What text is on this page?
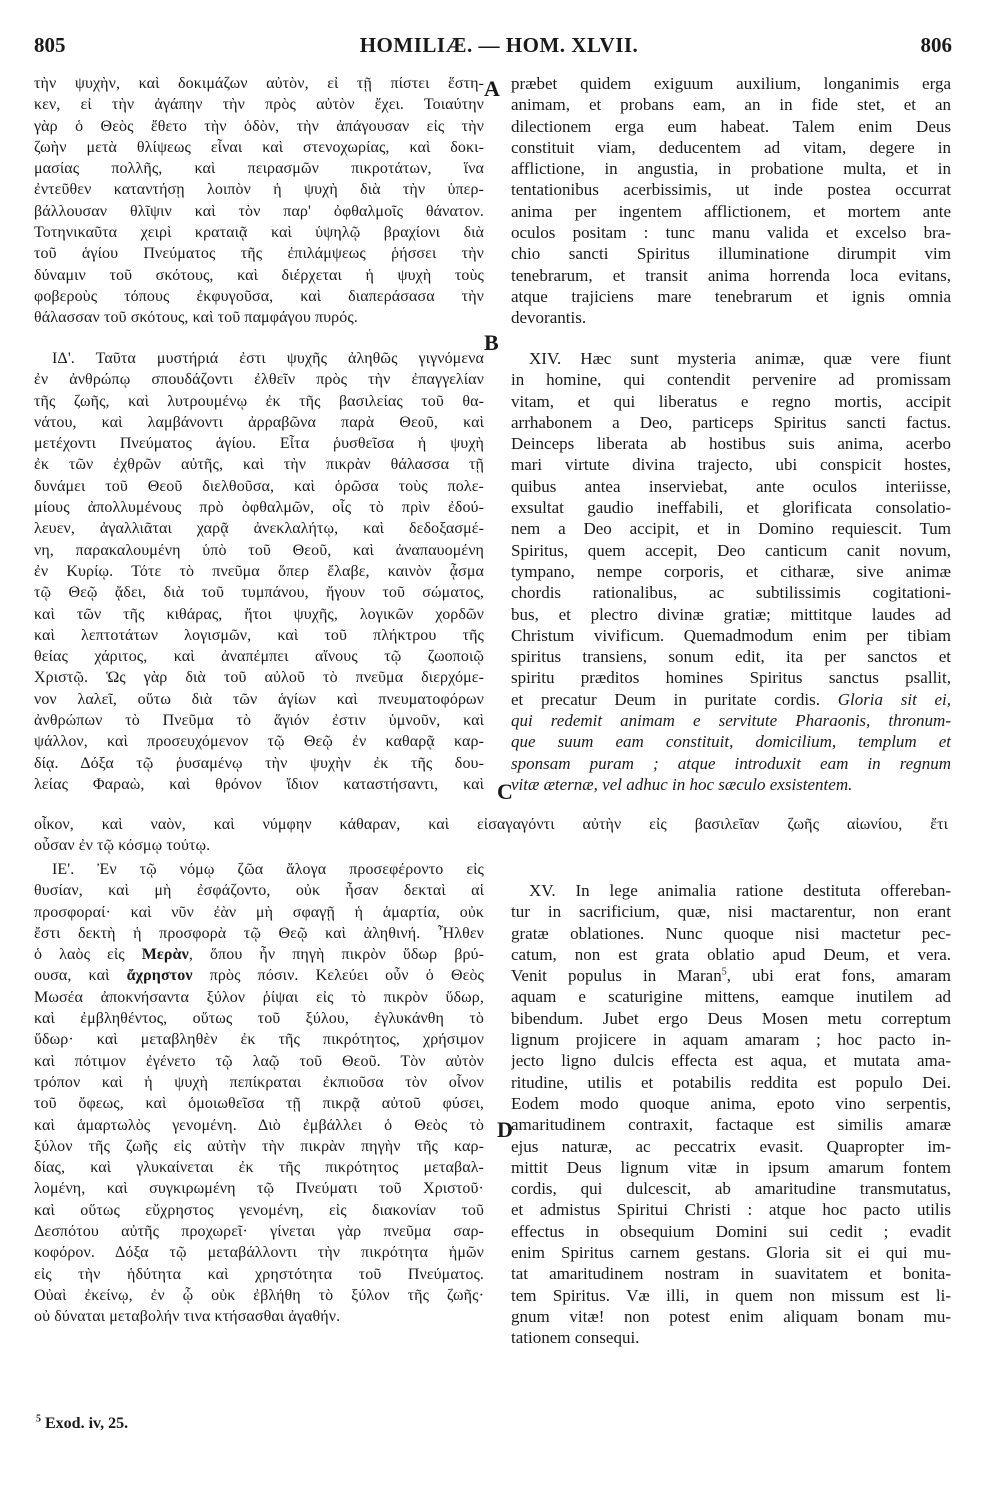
805	HOMILIÆ. — HOM. XLVII.	806
A
B
C
D
τὴν ψυχὴν, καὶ δοκιμάζων αὐτὸν, εἰ τῇ πίστει ἕστη-
κεν, εἰ τὴν ἀγάπην τὴν πρὸς αὐτὸν ἔχει. Τοιαύτην
γὰρ ὁ Θεὸς ἔθετο τὴν ὁδὸν, τὴν ἀπάγουσαν εἰς τὴν
ζωὴν μετὰ θλίψεως εἶναι καὶ στενοχωρίας, καὶ δοκι-
μασίας πολλῆς, καὶ πειρασμῶν πικροτάτων, ἵνα
ἐντεῦθεν καταντήσῃ λοιπὸν ἡ ψυχὴ διὰ τὴν ὑπερ-
βάλλουσαν θλῖψιν καὶ τὸν παρ' ὀφθαλμοῖς θάνατον.
Τοτηνικαῦτα χειρὶ κραταιᾷ καὶ ὑψηλῷ βραχίονι διὰ
τοῦ ἁγίου Πνεύματος τῆς ἐπιλάμψεως ῥήσσει τὴν
δύναμιν τοῦ σκότους, καὶ διέρχεται ἡ ψυχὴ τοὺς
φοβεροὺς τόπους ἐκφυγοῦσα, καὶ διαπεράσασα τὴν
θάλασσαν τοῦ σκότους, καὶ τοῦ παμφάγου πυρός.
ΙΔ'. Ταῦτα μυστήριά ἐστι ψυχῆς ἀληθῶς γιγνόμενα
ἐν ἀνθρώπῳ σπουδάζοντι ἐλθεῖν πρὸς τὴν ἐπαγγελίαν
τῆς ζωῆς, καὶ λυτρουμένῳ ἐκ τῆς βασιλείας τοῦ θα-
νάτου, καὶ λαμβάνοντι ἀρραβῶνα παρὰ Θεοῦ, καὶ
μετέχοντι Πνεύματος ἁγίου. Εἶτα ῥυσθεῖσα ἡ ψυχὴ
ἐκ τῶν ἐχθρῶν αὐτῆς, καὶ τὴν πικρὰν θάλασσα τῇ
δυνάμει τοῦ Θεοῦ διελθοῦσα, καὶ ὁρῶσα τοὺς πολε-
μίους ἀπολλυμένους πρὸ ὀφθαλμῶν, οἷς τὸ πρὶν ἐδού-
λευεν, ἀγαλλιᾶται χαρᾷ ἀνεκλαλήτῳ, καὶ δεδοξασμέ-
νη, παρακαλουμένη ὑπὸ τοῦ Θεοῦ, καὶ ἀναπαυομένη
ἐν Κυρίῳ. Τότε τὸ πνεῦμα ὅπερ ἔλαβε, καινὸν ᾆσμα
τῷ Θεῷ ᾄδει, διὰ τοῦ τυμπάνου, ἤγουν τοῦ σώματος,
καὶ τῶν τῆς κιθάρας, ἤτοι ψυχῆς, λογικῶν χορδῶν
καὶ λεπτοτάτων λογισμῶν, καὶ τοῦ πλήκτρου τῆς
θείας χάριτος, καὶ ἀναπέμπει αἴνους τῷ ζωοποιῷ
Χριστῷ. Ὡς γὰρ διὰ τοῦ αὐλοῦ τὸ πνεῦμα διερχόμε-
νον λαλεῖ, οὕτω διὰ τῶν ἁγίων καὶ πνευματοφόρων
ἀνθρώπων τὸ Πνεῦμα τὸ ἅγιόν ἐστιν ὑμνοῦν, καὶ
ψάλλον, καὶ προσευχόμενον τῷ Θεῷ ἐν καθαρᾷ καρ-
δίᾳ. Δόξα τῷ ῥυσαμένῳ τὴν ψυχὴν ἐκ τῆς δου-
λείας Φαραὼ, καὶ θρόνον ἴδιον καταστήσαντι, καὶ
οἶκον, καὶ ναὸν, καὶ νύμφην κάθαραν, καὶ εἰσαγαγόντι αὐτὴν εἰς βασιλεῖαν ζωῆς αἰωνίου, ἔτι
οὖσαν ἐν τῷ κόσμῳ τούτῳ.
ΙΕ'. Ἐν τῷ νόμῳ ζῶα ἄλογα προσεφέροντο εἰς
θυσίαν, καὶ μὴ ἐσφάζοντο, οὐκ ἦσαν δεκταὶ αἱ
προσφοραί· καὶ νῦν ἐὰν μὴ σφαγῇ ἡ ἁμαρτία, οὐκ
ἔστι δεκτὴ ἡ προσφορὰ τῷ Θεῷ καὶ ἀληθινή. Ἦλθεν
ὁ λαὸς εἰς Μερὰν, ὅπου ἦν πηγὴ πικρὸν ὕδωρ βρύ-
ουσα, καὶ ἄχρηστον πρὸς πόσιν. Κελεύει οὖν ὁ Θεὸς
Μωσέα ἀποκνήσαντα ξύλον ῥίψαι εἰς τὸ πικρὸν ὕδωρ,
καὶ ἐμβληθέντος, οὕτως τοῦ ξύλου, ἐγλυκάνθη τὸ
ὕδωρ· καὶ μεταβληθὲν ἐκ τῆς πικρότητος, χρήσιμον
καὶ πότιμον ἐγένετο τῷ λαῷ τοῦ Θεοῦ. Τὸν αὐτὸν
τρόπον καὶ ἡ ψυχὴ πεπίκραται ἐκπιοῦσα τὸν οἶνον
τοῦ ὄφεως, καὶ ὁμοιωθεῖσα τῇ πικρᾷ αὐτοῦ φύσει,
καὶ ἁμαρτωλὸς γενομένη. Διὸ ἐμβάλλει ὁ Θεὸς τὸ
ξύλον τῆς ζωῆς εἰς αὐτὴν τὴν πικρὰν πηγὴν τῆς καρ-
δίας, καὶ γλυκαίνεται ἐκ τῆς πικρότητος μεταβαλ-
λομένη, καὶ συγκιρωμένη τῷ Πνεύματι τοῦ Χριστοῦ·
καὶ οὕτως εὔχρηστος γενομένη, εἰς διακονίαν τοῦ
Δεσπότου αὐτῆς προχωρεῖ· γίνεται γὰρ πνεῦμα σαρ-
κοφόρον. Δόξα τῷ μεταβάλλοντι τὴν πικρότητα ἡμῶν
εἰς τὴν ἡδύτητα καὶ χρηστότητα τοῦ Πνεύματος.
Οὐαὶ ἐκείνῳ, ἐν ᾧ οὐκ ἐβλήθη τὸ ξύλον τῆς ζωῆς·
οὐ δύναται μεταβολήν τινα κτήσασθαι ἀγαθήν.
præbet quidem exiguum auxilium, longanimis erga
animam, et probans eam, an in fide stet, et an
dilectionem erga eum habeat. Talem enim Deus
constituit viam, deducentem ad vitam, degere in
afflictione, in angustia, in probatione multa, et in
tentationibus acerbissimis, ut inde postea occurrat
anima per ingentem afflictionem, et mortem ante
oculos positam : tunc manu valida et excelso bra-
chio sancti Spiritus illuminatione dirumpit vim
tenebrarum, et transit anima horrenda loca evitans,
atque trajiciens mare tenebrarum et ignis omnia
devorantis.
XIV. Hæc sunt mysteria animæ, quæ vere fiunt
in homine, qui contendit pervenire ad promissam
vitam, et qui liberatus e regno mortis, accipit
arrhabonem a Deo, particeps Spiritus sancti factus.
Deinceps liberata ab hostibus suis anima, acerbo
mari virtute divina trajecto, ubi conspicit hostes,
quibus antea inserviebat, ante oculos interiisse,
exsultat gaudio ineffabili, et glorificata consolatio-
nem a Deo accipit, et in Domino requiescit. Tum
Spiritus, quem accepit, Deo canticum canit novum,
tympano, nempe corporis, et citharæ, sive animæ
chordis rationalibus, ac subtilissimis cogitationi-
bus, et plectro divinæ gratiæ; mittitque laudes ad
Christum vivificum. Quemadmodum enim per tibiam
spiritus transiens, sonum edit, ita per sanctos et
spiritu præditos homines Spiritus sanctus psallit,
et precatur Deum in puritate cordis. Gloria sit ei,
qui redemit animam e servitute Pharaonis, thronum-
que suum eam constituit, domicilium, templum et
sponsam puram ; atque introduxit eam in regnum
vitæ æternæ, vel adhuc in hoc sæculo exsistentem.
XV. In lege animalia ratione destituta offereban-
tur in sacrificium, quæ, nisi mactarentur, non erant
gratæ oblationes. Nunc quoque nisi mactetur pec-
catum, non est grata oblatio apud Deum, et vera.
Venit populus in Maran$^5$, ubi erat fons, amaram
aquam e scaturigine mittens, eamque inutilem ad
bibendum. Jubet ergo Deus Mosen metu correptum
lignum projicere in aquam amaram ; hoc pacto in-
jecto ligno dulcis effecta est aqua, et mutata ama-
ritudine, utilis et potabilis reddita est populo Dei.
Eodem modo quoque anima, epoto vino serpentis,
amaritudinem contraxit, factaque est similis amaræ
ejus naturæ, ac peccatrix evasit. Quapropter im-
mittit Deus lignum vitæ in ipsum amarum fontem
cordis, qui dulcescit, ab amaritudine transmutatus,
et admistus Spiritui Christi : atque hoc pacto utilis
effectus in obsequium Domini sui cedit ; evadit
enim Spiritus carnem gestans. Gloria sit ei qui mu-
tat amaritudinem nostram in suavitatem et bonita-
tem Spiritus. Væ illi, in quem non missum est li-
gnum vitæ! non potest enim aliquam bonam mu-
tationem consequi.
$^5$ Exod. iv, 25.
